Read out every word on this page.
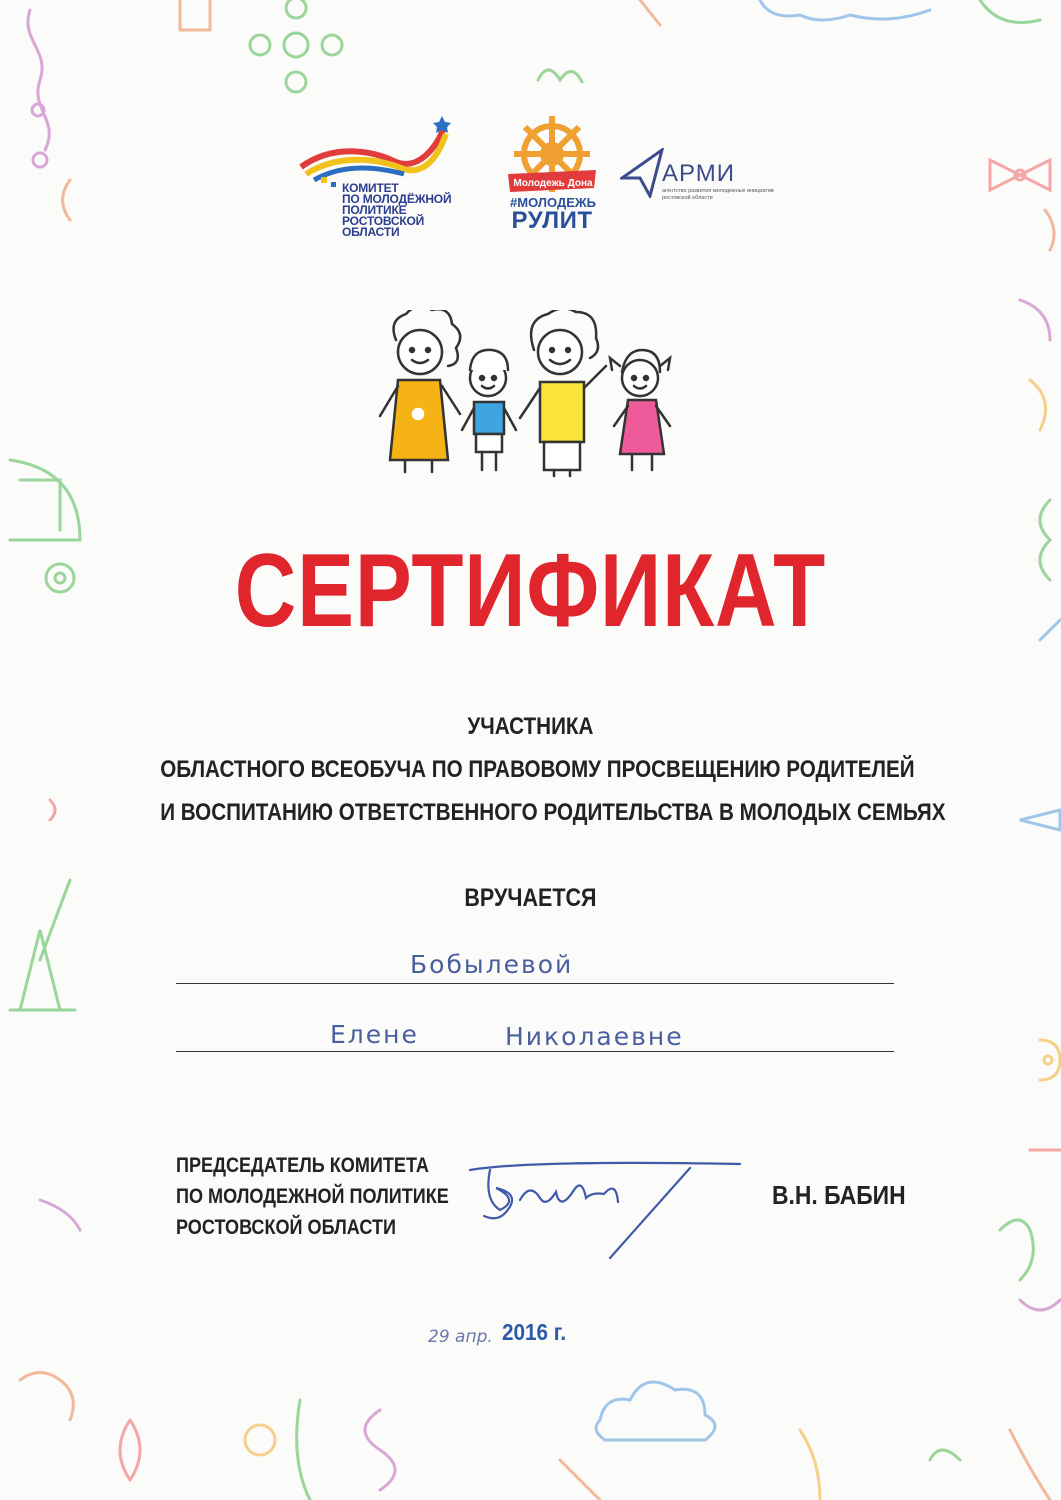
КОМИТЕТ
ПО МОЛОДЁЖНОЙ
ПОЛИТИКЕ
РОСТОВСКОЙ
ОБЛАСТИ
Молодежь Дона
#МОЛОДЕЖЬ
РУЛИТ
АРМИ
агентство развития молодежных инициатив ростовской области
СЕРТИФИКАТ
УЧАСТНИКА
ОБЛАСТНОГО ВСЕОБУЧА ПО ПРАВОВОМУ ПРОСВЕЩЕНИЮ РОДИТЕЛЕЙ
И ВОСПИТАНИЮ ОТВЕТСТВЕННОГО РОДИТЕЛЬСТВА В МОЛОДЫХ СЕМЬЯХ
ВРУЧАЕТСЯ
Бобылевой
Елене	Николаевне
ПРЕДСЕДАТЕЛЬ КОМИТЕТА
ПО МОЛОДЕЖНОЙ ПОЛИТИКЕ
РОСТОВСКОЙ ОБЛАСТИ
В.Н. БАБИН
29 апр. 2016 г.
